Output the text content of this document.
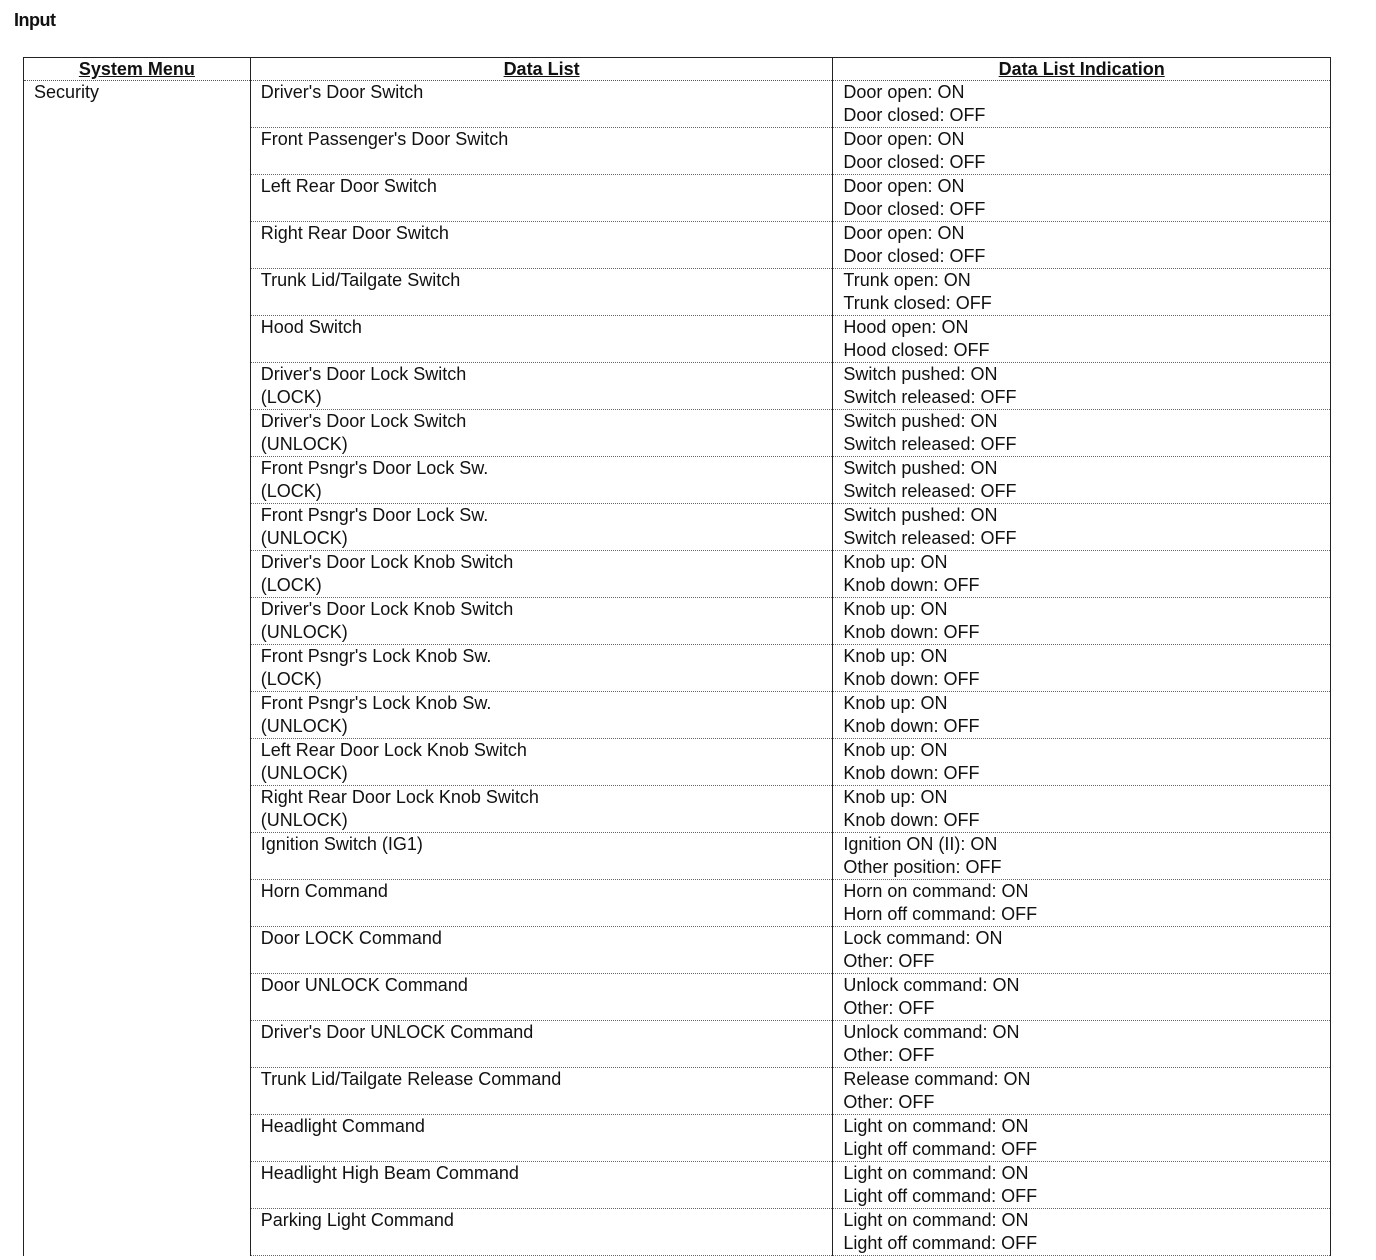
Input
System Menu	Data List	Data List Indication
Security	Driver's Door Switch	Door open: ON
Door closed: OFF

	Front Passenger's Door Switch	Door open: ON
Door closed: OFF

	Left Rear Door Switch	Door open: ON
Door closed: OFF

	Right Rear Door Switch	Door open: ON
Door closed: OFF

	Trunk Lid/Tailgate Switch	Trunk open: ON
Trunk closed: OFF

	Hood Switch	Hood open: ON
Hood closed: OFF

	Driver's Door Lock Switch
(LOCK)	Switch pushed: ON
Switch released: OFF

	Driver's Door Lock Switch
(UNLOCK)	Switch pushed: ON
Switch released: OFF

	Front Psngr's Door Lock Sw.
(LOCK)	Switch pushed: ON
Switch released: OFF

	Front Psngr's Door Lock Sw.
(UNLOCK)	Switch pushed: ON
Switch released: OFF

	Driver's Door Lock Knob Switch
(LOCK)	Knob up: ON
Knob down: OFF

	Driver's Door Lock Knob Switch
(UNLOCK)	Knob up: ON
Knob down: OFF

	Front Psngr's Lock Knob Sw.
(LOCK)	Knob up: ON
Knob down: OFF

	Front Psngr's Lock Knob Sw.
(UNLOCK)	Knob up: ON
Knob down: OFF

	Left Rear Door Lock Knob Switch
(UNLOCK)	Knob up: ON
Knob down: OFF

	Right Rear Door Lock Knob Switch
(UNLOCK)	Knob up: ON
Knob down: OFF

	Ignition Switch (IG1)	Ignition ON (II): ON
Other position: OFF

	Horn Command	Horn on command: ON
Horn off command: OFF

	Door LOCK Command	Lock command: ON
Other: OFF

	Door UNLOCK Command	Unlock command: ON
Other: OFF

	Driver's Door UNLOCK Command	Unlock command: ON
Other: OFF

	Trunk Lid/Tailgate Release Command	Release command: ON
Other: OFF

	Headlight Command	Light on command: ON
Light off command: OFF

	Headlight High Beam Command	Light on command: ON
Light off command: OFF

	Parking Light Command	Light on command: ON
Light off command: OFF
